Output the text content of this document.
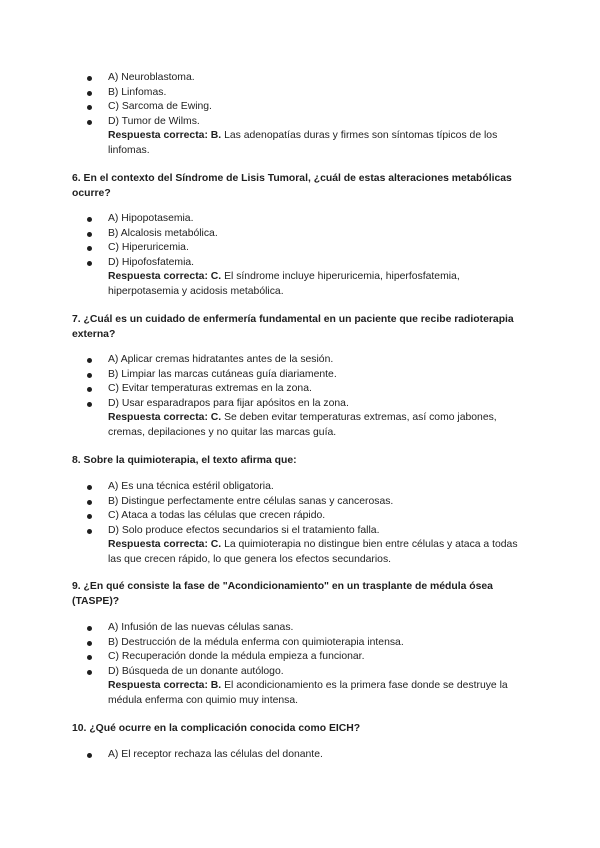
A) Neuroblastoma.
B) Linfomas.
C) Sarcoma de Ewing.
D) Tumor de Wilms.
Respuesta correcta: B. Las adenopatías duras y firmes son síntomas típicos de los linfomas.
6. En el contexto del Síndrome de Lisis Tumoral, ¿cuál de estas alteraciones metabólicas ocurre?
A) Hipopotasemia.
B) Alcalosis metabólica.
C) Hiperuricemia.
D) Hipofosfatemia.
Respuesta correcta: C. El síndrome incluye hiperuricemia, hiperfosfatemia, hiperpotasemia y acidosis metabólica.
7. ¿Cuál es un cuidado de enfermería fundamental en un paciente que recibe radioterapia externa?
A) Aplicar cremas hidratantes antes de la sesión.
B) Limpiar las marcas cutáneas guía diariamente.
C) Evitar temperaturas extremas en la zona.
D) Usar esparadrapos para fijar apósitos en la zona.
Respuesta correcta: C. Se deben evitar temperaturas extremas, así como jabones, cremas, depilaciones y no quitar las marcas guía.
8. Sobre la quimioterapia, el texto afirma que:
A) Es una técnica estéril obligatoria.
B) Distingue perfectamente entre células sanas y cancerosas.
C) Ataca a todas las células que crecen rápido.
D) Solo produce efectos secundarios si el tratamiento falla.
Respuesta correcta: C. La quimioterapia no distingue bien entre células y ataca a todas las que crecen rápido, lo que genera los efectos secundarios.
9. ¿En qué consiste la fase de "Acondicionamiento" en un trasplante de médula ósea (TASPE)?
A) Infusión de las nuevas células sanas.
B) Destrucción de la médula enferma con quimioterapia intensa.
C) Recuperación donde la médula empieza a funcionar.
D) Búsqueda de un donante autólogo.
Respuesta correcta: B. El acondicionamiento es la primera fase donde se destruye la médula enferma con quimio muy intensa.
10. ¿Qué ocurre en la complicación conocida como EICH?
A) El receptor rechaza las células del donante.
